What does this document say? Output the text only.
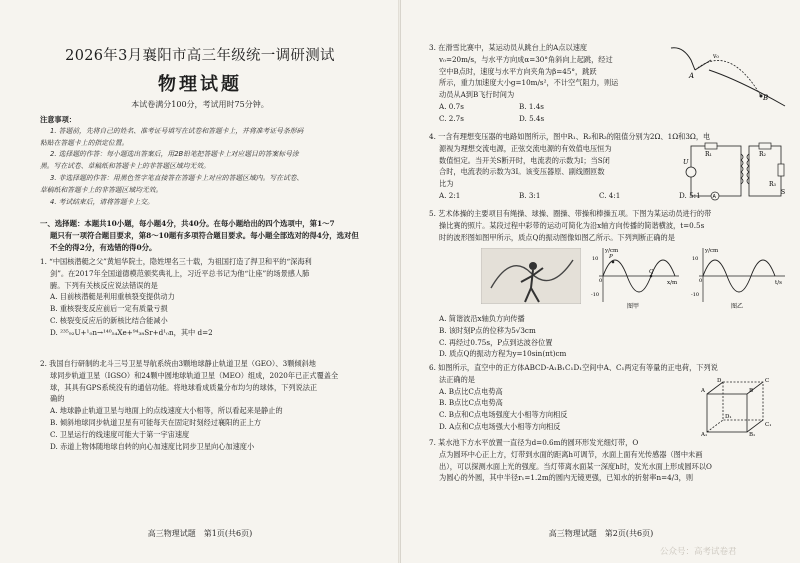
2026年3月襄阳市高三年级统一调研测试
物理试题
本试卷满分100分，考试用时75分钟。

注意事项：

1. 答题前，先将自己的姓名、准考证号填写在试卷和答题卡上，并将准考证号条形码

粘贴在答题卡上的指定位置。

2. 选择题的作答：每小题选出答案后，用2B铅笔把答题卡上对应题目的答案标号涂

黑。写在试卷、草稿纸和答题卡上的非答题区域均无效。

3. 非选择题的作答：用黑色签字笔直接答在答题卡上对应的答题区域内。写在试卷、

草稿纸和答题卡上的非答题区域均无效。

4. 考试结束后，请将答题卡上交。

一、选择题：本题共10小题，每小题4分，共40分。在每小题给出的四个选项中，第1～7

题只有一项符合题目要求，第8～10题有多项符合题目要求。每小题全部选对的得4分，选对但

不全的得2分，有选错的得0分。

1. “中国核潜艇之父”黄旭华院士，隐姓埋名三十载，为祖国打造了捍卫和平的“深海利

剑”。在2017年全国道德模范颁奖典礼上，习近平总书记为他“让座”的场景感人肺

腑。下列有关核反应说法错误的是

A. 目前核潜艇是利用重核裂变提供动力

B. 重核裂变反应前后一定有质量亏损

C. 核裂变反应后的新核比结合能减小

D. ²³⁵₉₂U+¹₀n→¹⁴⁰₅₄Xe+⁹⁴₃₈Sr+d¹₀n，其中 d=2

2. 我国自行研制的北斗三号卫星导航系统由3颗地球静止轨道卫星（GEO）、3颗倾斜地

球同步轨道卫星（IGSO）和24颗中圆地球轨道卫星（MEO）组成，2020年已正式覆盖全

球，其具有GPS系统没有的通信功能。将地球看成质量分布均匀的球体，下列说法正

确的

A. 地球静止轨道卫星与地面上的点线速度大小相等，所以看起来是静止的

B. 倾斜地球同步轨道卫星有可能每天在固定时刻经过襄阳的正上方

C. 卫星运行的线速度可能大于第一宇宙速度

D. 赤道上物体随地球自转的向心加速度比同步卫星向心加速度小

高三物理试题　第1页(共6页)

3. 在滑雪比赛中，某运动员从跳台上的A点以速度

v₀=20m/s，与水平方向成α=30°角斜向上起跳，经过

空中B点时，速度与水平方向夹角为β=45°，跳跃

所示，重力加速度大小g=10m/s²，不计空气阻力，则运

动员从A到B飞行时间为

A. 0.7s	B. 1.4s

C. 2.7s	D. 5.4s

v₀
A
B

4. 一含有理想变压器的电路如图所示，图中R₁、R₂和R₃的阻值分别为2Ω、1Ω和3Ω，电

源视为理想交流电源，正弦交流电源的有效值电压恒为

数值恒定。当开关S断开时，电流表的示数为I；当S闭

合时，电流表的示数为3I。该变压器原、副线圈匝数

比为

A. 2:1	B. 3:1	C. 4:1	D. 5:1

U
R₁
A
R₂
R₃
S

5. 艺术体操的主要项目有绳操、球操、圈操、带操和棒操五项。下图为某运动员进行的带

操比赛的照片。某段过程中彩带的运动可简化为沿x轴方向传播的简谐横波，t=0.5s

时的波形图如图甲所示，质点Q的振动图像如图乙所示。下列判断正确的是

y/cm
x/m
10
0
-10
P
Q
图甲
y/cm
t/s
10
0
-10
图乙

A. 简谐波沿x轴负方向传播

B. 该时刻P点的位移为5√3cm

C. 再经过0.75s，P点到达波谷位置

D. 质点Q的振动方程为y=10sin(πt)cm

6. 如图所示，直空中的正方体ABCD-A₁B₁C₁D₁空间中A、C₁两定有等量的正电荷，下列说

法正确的是

A. B点比C点电势高

B. B点比C点电势高

C. B点和C点电场强度大小相等方向相反

D. A点和C点电场强大小相等方向相反

A	B
C
D
A₁	B₁
C₁
D₁

7. 某水池下方水平放置一直径为d=0.6m的圆环形发光细灯带，O

点为圆环中心正上方，灯带到水面的距离h可调节，水面上面有光传感器（图中未画

出），可以探测水面上光的强度。当灯带离水面某一深度h时，发光水面上形成圆环以O

为圆心的外圆，其中半径r₁=1.2m的圆内无镜更强，已知水的折射率n=4/3，则

高三物理试题　第2页(共6页)
公众号：高考试卷君
